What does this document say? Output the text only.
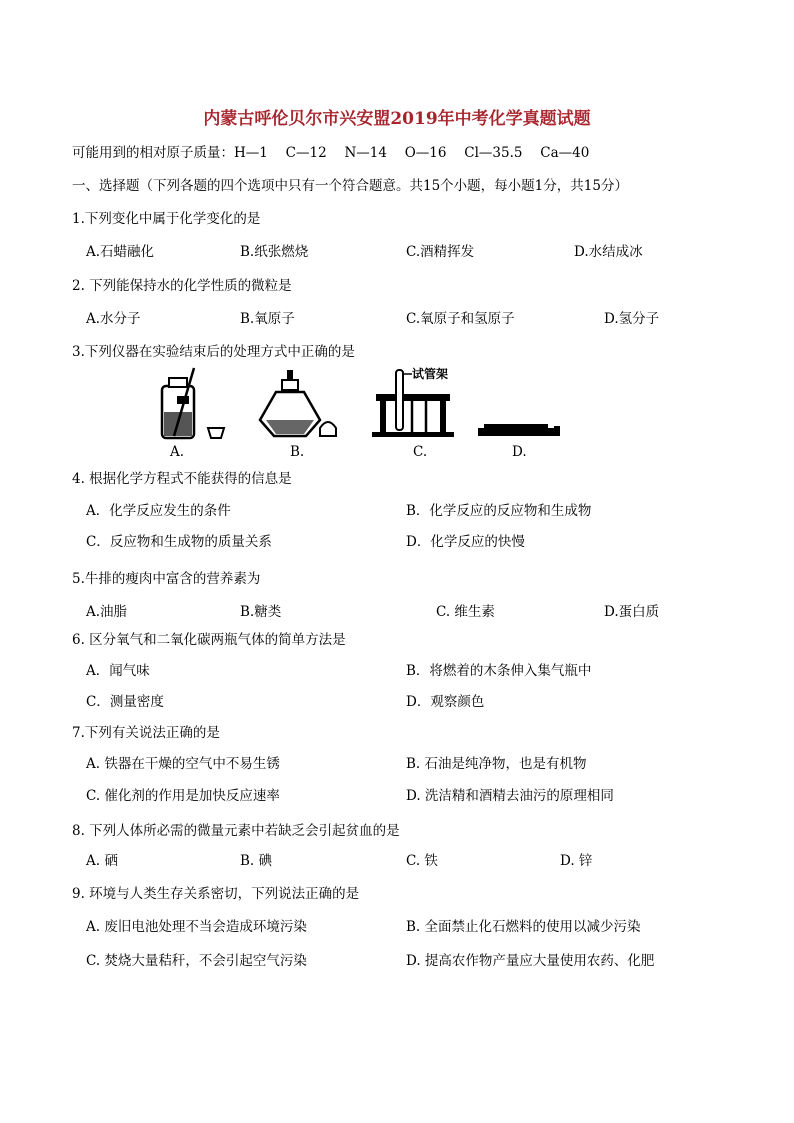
内蒙古呼伦贝尔市兴安盟2019年中考化学真题试题
可能用到的相对原子质量：H—1　 C—12　 N—14　 O—16　 Cl—35.5　 Ca—40
一、选择题（下列各题的四个选项中只有一个符合题意。共15个小题，每小题1分，共15分）
1.下列变化中属于化学变化的是
A.石蜡融化	B.纸张燃烧	C.酒精挥发	D.水结成冰
2. 下列能保持水的化学性质的微粒是
A.水分子	B.氧原子	C.氧原子和氢原子	D.氢分子
3.下列仪器在实验结束后的处理方式中正确的是
试管架
A.	B.	C.	D.
4. 根据化学方程式不能获得的信息是
A．化学反应发生的条件	B．化学反应的反应物和生成物
C．反应物和生成物的质量关系	D．化学反应的快慢
5.牛排的瘦肉中富含的营养素为
A.油脂	B.糖类	C. 维生素	D.蛋白质
6. 区分氧气和二氧化碳两瓶气体的简单方法是
A．闻气味	B．将燃着的木条伸入集气瓶中
C．测量密度	D．观察颜色
7.下列有关说法正确的是
A. 铁器在干燥的空气中不易生锈	B. 石油是纯净物，也是有机物
C. 催化剂的作用是加快反应速率	D. 洗洁精和酒精去油污的原理相同
8. 下列人体所必需的微量元素中若缺乏会引起贫血的是
A. 硒	B. 碘	C. 铁	D. 锌
9. 环境与人类生存关系密切，下列说法正确的是
A. 废旧电池处理不当会造成环境污染	B. 全面禁止化石燃料的使用以减少污染
C. 焚烧大量秸秆，不会引起空气污染	D. 提高农作物产量应大量使用农药、化肥
